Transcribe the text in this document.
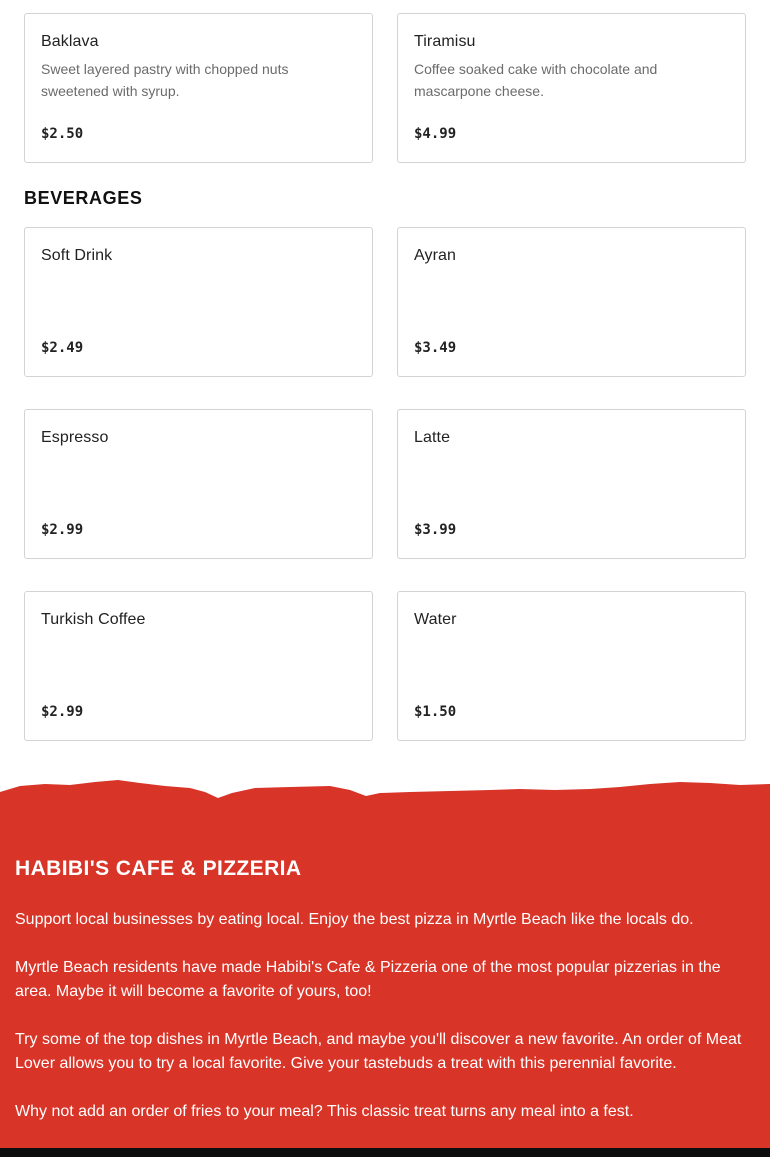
Baklava
Sweet layered pastry with chopped nuts sweetened with syrup.
$2.50
Tiramisu
Coffee soaked cake with chocolate and mascarpone cheese.
$4.99
BEVERAGES
Soft Drink
$2.49
Ayran
$3.49
Espresso
$2.99
Latte
$3.99
Turkish Coffee
$2.99
Water
$1.50
HABIBI'S CAFE & PIZZERIA

Support local businesses by eating local. Enjoy the best pizza in Myrtle Beach like the locals do.

Myrtle Beach residents have made Habibi's Cafe & Pizzeria one of the most popular pizzerias in the area. Maybe it will become a favorite of yours, too!

Try some of the top dishes in Myrtle Beach, and maybe you'll discover a new favorite. An order of Meat Lover allows you to try a local favorite. Give your tastebuds a treat with this perennial favorite.

Why not add an order of fries to your meal? This classic treat turns any meal into a fest.
